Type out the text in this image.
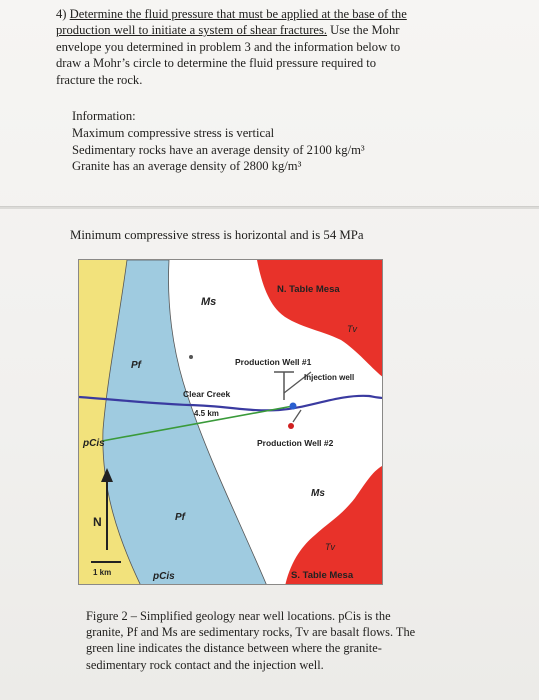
4) Determine the fluid pressure that must be applied at the base of the
production well to initiate a system of shear fractures. Use the Mohr
envelope you determined in problem 3 and the information below to
draw a Mohr’s circle to determine the fluid pressure required to
fracture the rock.
Information:
Maximum compressive stress is vertical
Sedimentary rocks have an average density of 2100 kg/m³
Granite has an average density of 2800 kg/m³
Minimum compressive stress is horizontal and is 54 MPa
N. Table Mesa
Ms
Tv
Pf	Production Well #1
Injection well
Clear Creek
4.5 km
pCis	Production Well #2
Ms
N	Pf
Tv
1 km	pCis	S. Table Mesa
Figure 2 – Simplified geology near well locations. pCis is the
granite, Pf and Ms are sedimentary rocks, Tv are basalt flows. The
green line indicates the distance between where the granite-
sedimentary rock contact and the injection well.
